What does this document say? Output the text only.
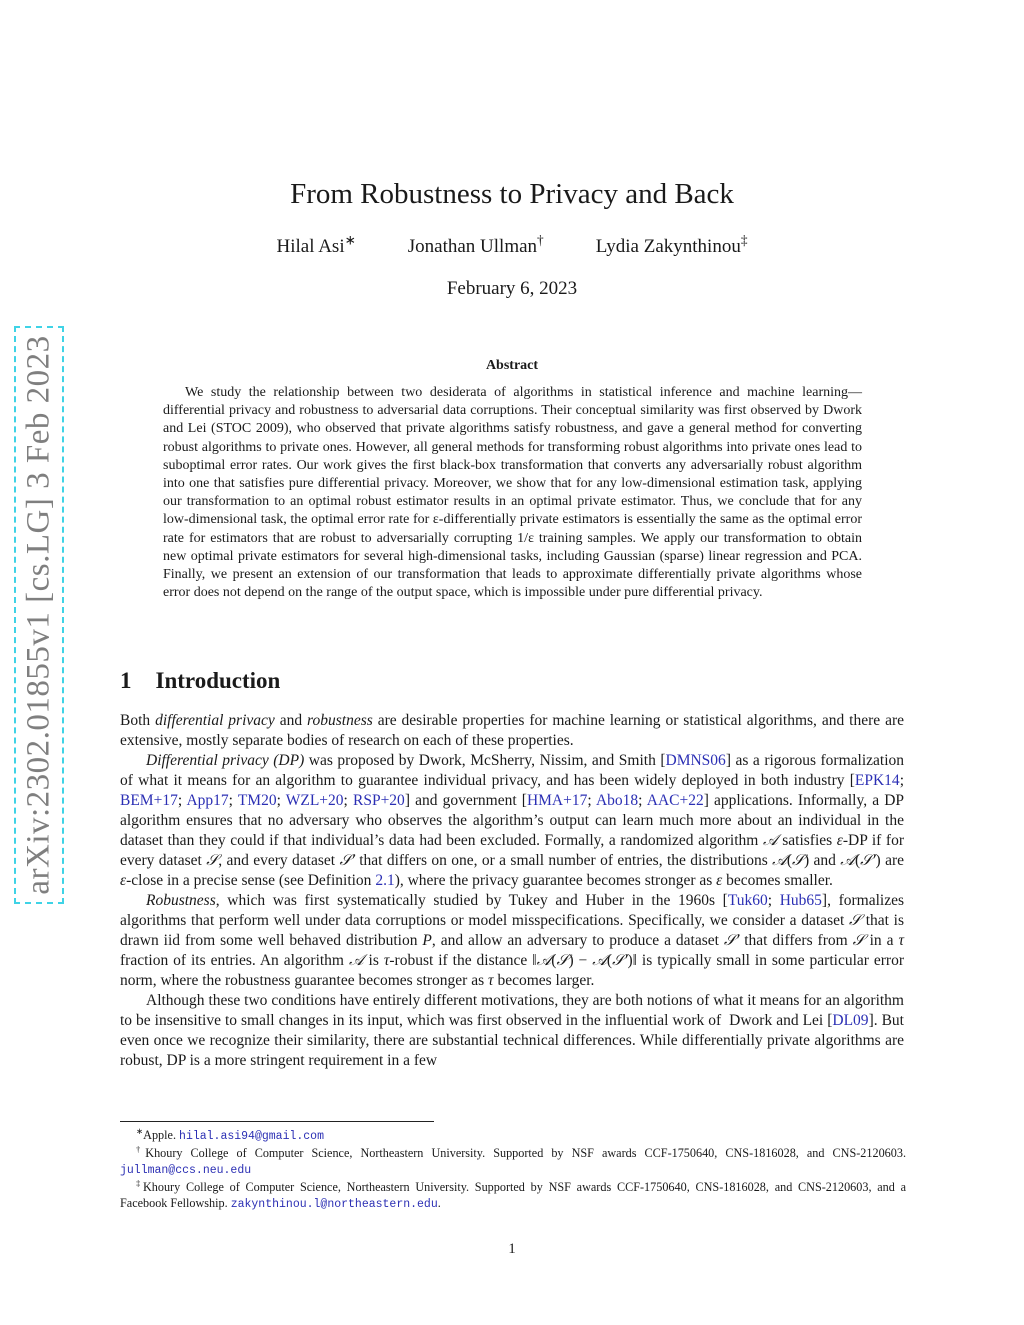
arXiv:2302.01855v1 [cs.LG] 3 Feb 2023
From Robustness to Privacy and Back
Hilal Asi∗	Jonathan Ullman†	Lydia Zakynthinou‡
February 6, 2023
Abstract

We study the relationship between two desiderata of algorithms in statistical inference and machine learning—differential privacy and robustness to adversarial data corruptions. Their conceptual similarity was first observed by Dwork and Lei (STOC 2009), who observed that private algorithms satisfy robustness, and gave a general method for converting robust algorithms to private ones. However, all general methods for transforming robust algorithms into private ones lead to suboptimal error rates. Our work gives the first black-box transformation that converts any adversarially robust algorithm into one that satisfies pure differential privacy. Moreover, we show that for any low-dimensional estimation task, applying our transformation to an optimal robust estimator results in an optimal private estimator. Thus, we conclude that for any low-dimensional task, the optimal error rate for ε-differentially private estimators is essentially the same as the optimal error rate for estimators that are robust to adversarially corrupting 1/ε training samples. We apply our transformation to obtain new optimal private estimators for several high-dimensional tasks, including Gaussian (sparse) linear regression and PCA. Finally, we present an extension of our transformation that leads to approximate differentially private algorithms whose error does not depend on the range of the output space, which is impossible under pure differential privacy.

1 Introduction

Both differential privacy and robustness are desirable properties for machine learning or statistical algorithms, and there are extensive, mostly separate bodies of research on each of these properties.

Differential privacy (DP) was proposed by Dwork, McSherry, Nissim, and Smith [DMNS06] as a rigorous formalization of what it means for an algorithm to guarantee individual privacy, and has been widely deployed in both industry [EPK14; BEM+17; App17; TM20; WZL+20; RSP+20] and government [HMA+17; Abo18; AAC+22] applications. Informally, a DP algorithm ensures that no adversary who observes the algorithm’s output can learn much more about an individual in the dataset than they could if that individual’s data had been excluded. Formally, a randomized algorithm 𝒜 satisfies ε-DP if for every dataset 𝒮, and every dataset 𝒮′ that differs on one, or a small number of entries, the distributions 𝒜(𝒮) and 𝒜(𝒮′) are ε-close in a precise sense (see Definition 2.1), where the privacy guarantee becomes stronger as ε becomes smaller.

Robustness, which was first systematically studied by Tukey and Huber in the 1960s [Tuk60; Hub65], formalizes algorithms that perform well under data corruptions or model misspecifications. Specifically, we consider a dataset 𝒮 that is drawn iid from some well behaved distribution P, and allow an adversary to produce a dataset 𝒮′ that differs from 𝒮 in a τ fraction of its entries. An algorithm 𝒜 is τ-robust if the distance ‖𝒜(𝒮) − 𝒜(𝒮′)‖ is typically small in some particular error norm, where the robustness guarantee becomes stronger as τ becomes larger.

Although these two conditions have entirely different motivations, they are both notions of what it means for an algorithm to be insensitive to small changes in its input, which was first observed in the influential work of  Dwork and Lei [DL09]. But even once we recognize their similarity, there are substantial technical differences. While differentially private algorithms are robust, DP is a more stringent requirement in a few

∗Apple. hilal.asi94@gmail.com

†Khoury College of Computer Science, Northeastern University. Supported by NSF awards CCF-1750640, CNS-1816028, and CNS-2120603. jullman@ccs.neu.edu

‡Khoury College of Computer Science, Northeastern University. Supported by NSF awards CCF-1750640, CNS-1816028, and CNS-2120603, and a Facebook Fellowship. zakynthinou.l@northeastern.edu.

1
